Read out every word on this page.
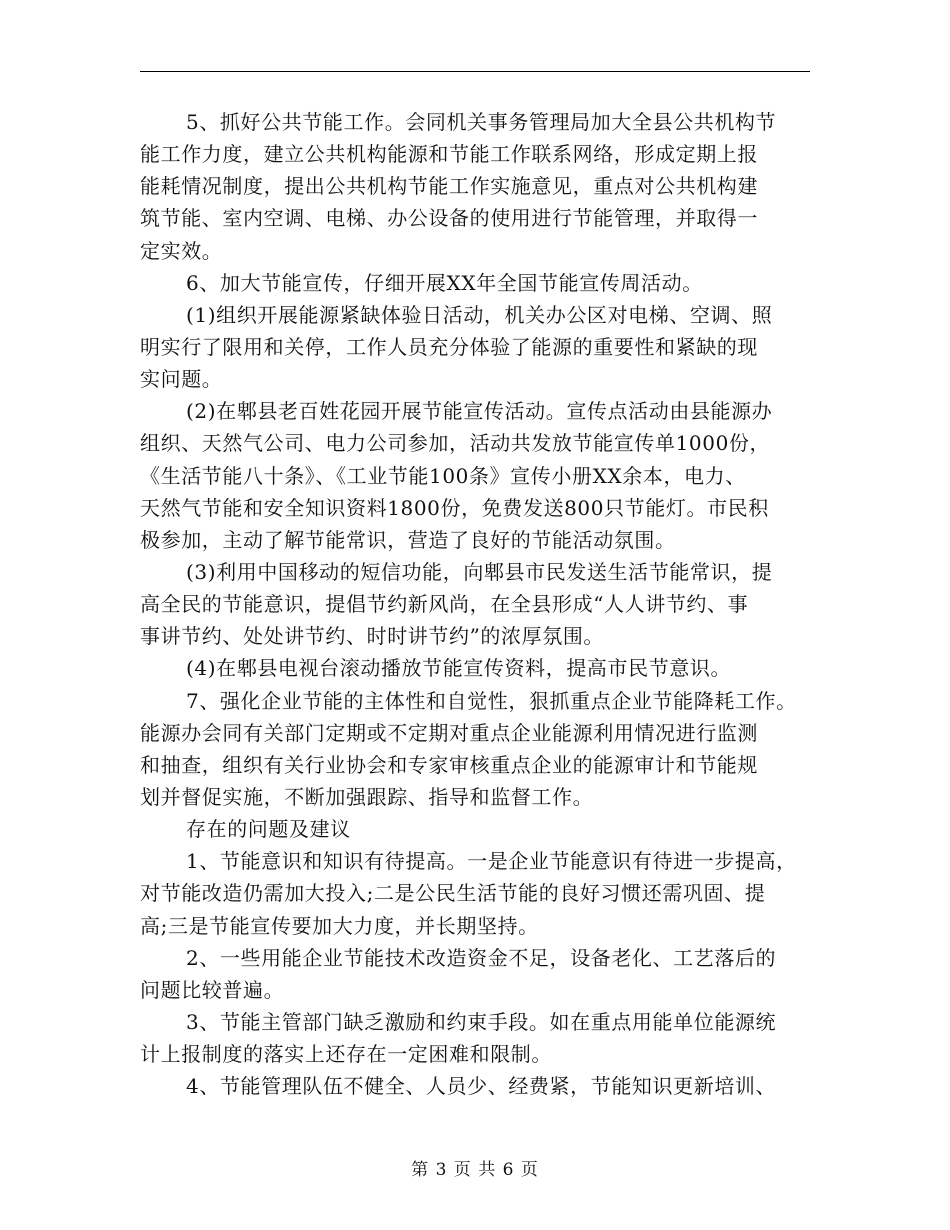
5、抓好公共节能工作。会同机关事务管理局加大全县公共机构节
能工作力度，建立公共机构能源和节能工作联系网络，形成定期上报
能耗情况制度，提出公共机构节能工作实施意见，重点对公共机构建
筑节能、室内空调、电梯、办公设备的使用进行节能管理，并取得一
定实效。
6、加大节能宣传，仔细开展XX年全国节能宣传周活动。
(1)组织开展能源紧缺体验日活动，机关办公区对电梯、空调、照
明实行了限用和关停，工作人员充分体验了能源的重要性和紧缺的现
实问题。
(2)在郫县老百姓花园开展节能宣传活动。宣传点活动由县能源办
组织、天然气公司、电力公司参加，活动共发放节能宣传单1000份，
《生活节能八十条》、《工业节能100条》宣传小册XX余本，电力、
天然气节能和安全知识资料1800份，免费发送800只节能灯。市民积
极参加，主动了解节能常识，营造了良好的节能活动氛围。
(3)利用中国移动的短信功能，向郫县市民发送生活节能常识，提
高全民的节能意识，提倡节约新风尚，在全县形成“人人讲节约、事
事讲节约、处处讲节约、时时讲节约”的浓厚氛围。
(4)在郫县电视台滚动播放节能宣传资料，提高市民节意识。
7、强化企业节能的主体性和自觉性，狠抓重点企业节能降耗工作。
能源办会同有关部门定期或不定期对重点企业能源利用情况进行监测
和抽查，组织有关行业协会和专家审核重点企业的能源审计和节能规
划并督促实施，不断加强跟踪、指导和监督工作。
存在的问题及建议
1、节能意识和知识有待提高。一是企业节能意识有待进一步提高，
对节能改造仍需加大投入;二是公民生活节能的良好习惯还需巩固、提
高;三是节能宣传要加大力度，并长期坚持。
2、一些用能企业节能技术改造资金不足，设备老化、工艺落后的
问题比较普遍。
3、节能主管部门缺乏激励和约束手段。如在重点用能单位能源统
计上报制度的落实上还存在一定困难和限制。
4、节能管理队伍不健全、人员少、经费紧，节能知识更新培训、
第 3 页 共 6 页
